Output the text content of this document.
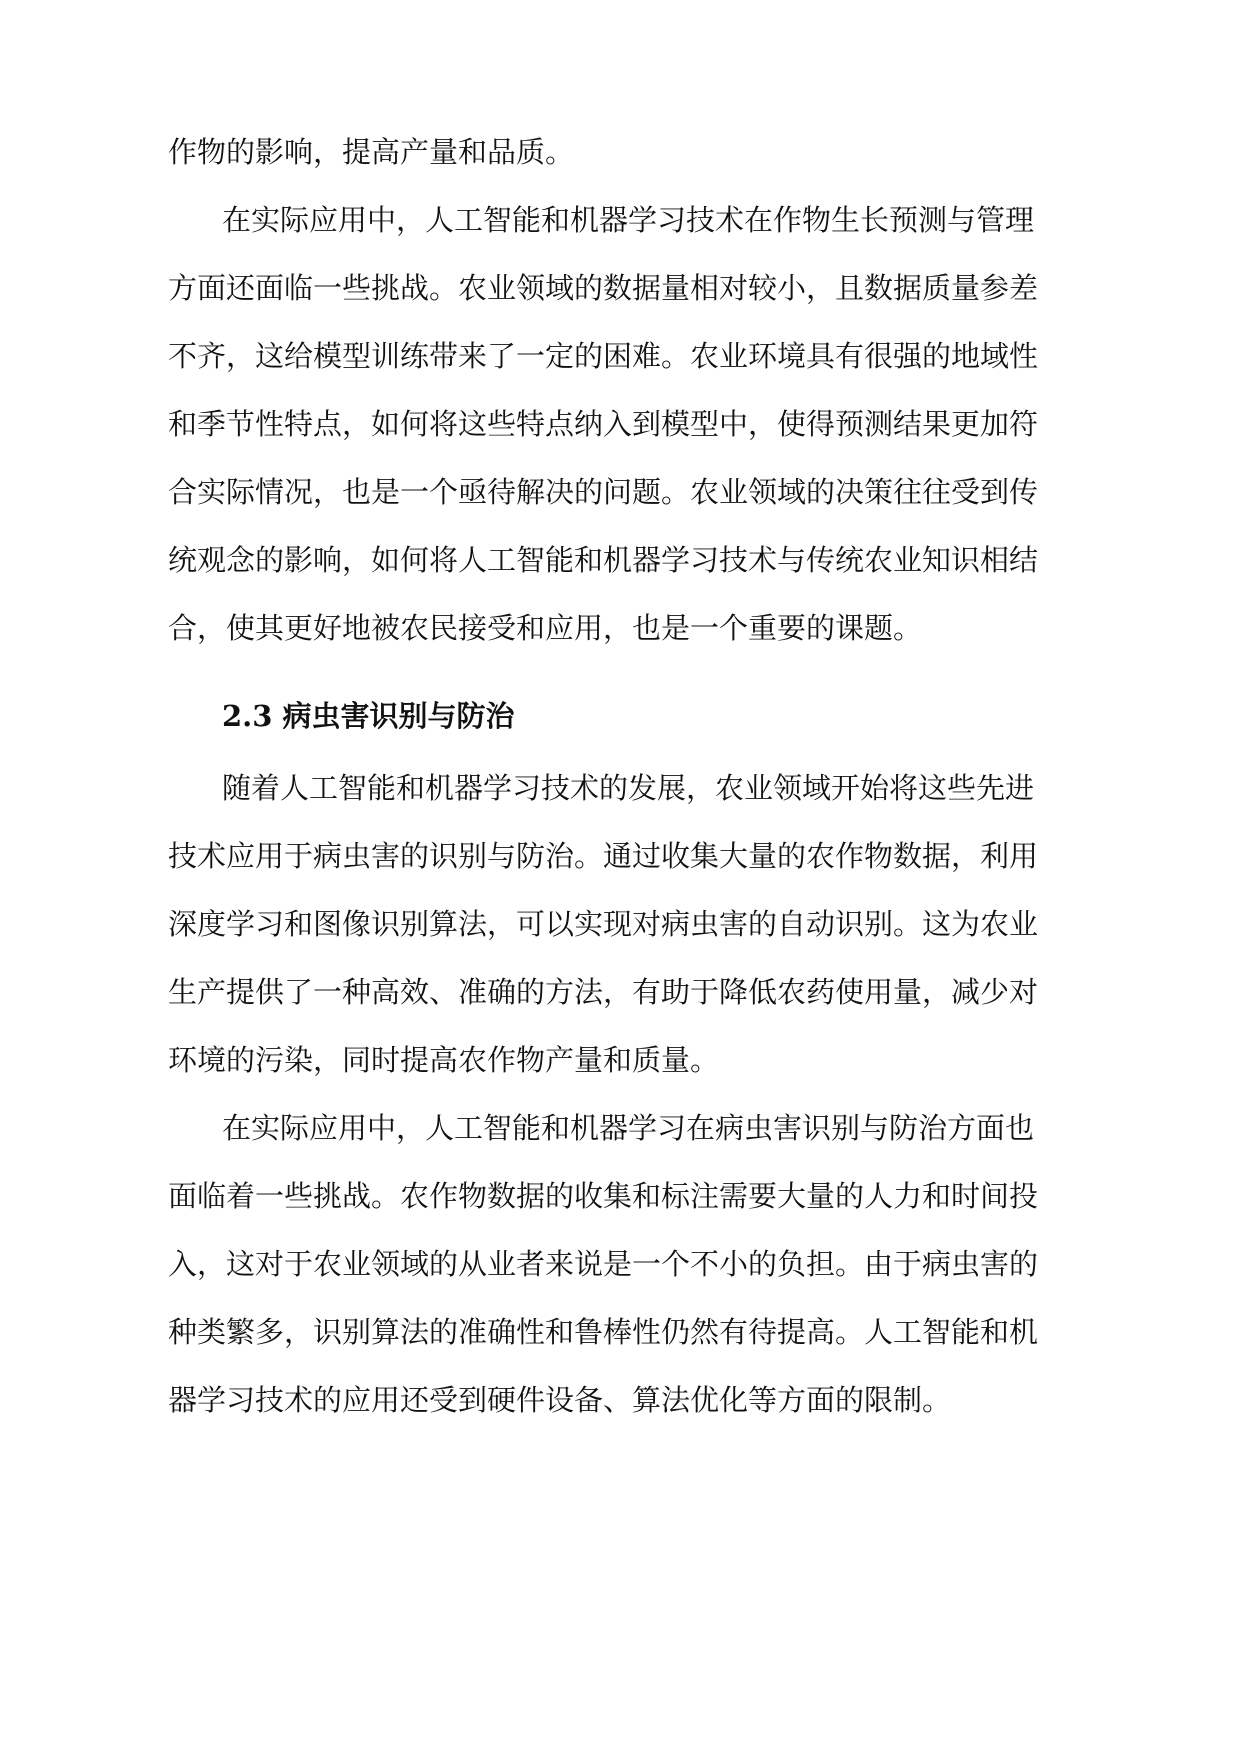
作物的影响，提高产量和品质。
在实际应用中，人工智能和机器学习技术在作物生长预测与管理
方面还面临一些挑战。农业领域的数据量相对较小，且数据质量参差
不齐，这给模型训练带来了一定的困难。农业环境具有很强的地域性
和季节性特点，如何将这些特点纳入到模型中，使得预测结果更加符
合实际情况，也是一个亟待解决的问题。农业领域的决策往往受到传
统观念的影响，如何将人工智能和机器学习技术与传统农业知识相结
合，使其更好地被农民接受和应用，也是一个重要的课题。
2.3 病虫害识别与防治
随着人工智能和机器学习技术的发展，农业领域开始将这些先进
技术应用于病虫害的识别与防治。通过收集大量的农作物数据，利用
深度学习和图像识别算法，可以实现对病虫害的自动识别。这为农业
生产提供了一种高效、准确的方法，有助于降低农药使用量，减少对
环境的污染，同时提高农作物产量和质量。
在实际应用中，人工智能和机器学习在病虫害识别与防治方面也
面临着一些挑战。农作物数据的收集和标注需要大量的人力和时间投
入，这对于农业领域的从业者来说是一个不小的负担。由于病虫害的
种类繁多，识别算法的准确性和鲁棒性仍然有待提高。人工智能和机
器学习技术的应用还受到硬件设备、算法优化等方面的限制。
